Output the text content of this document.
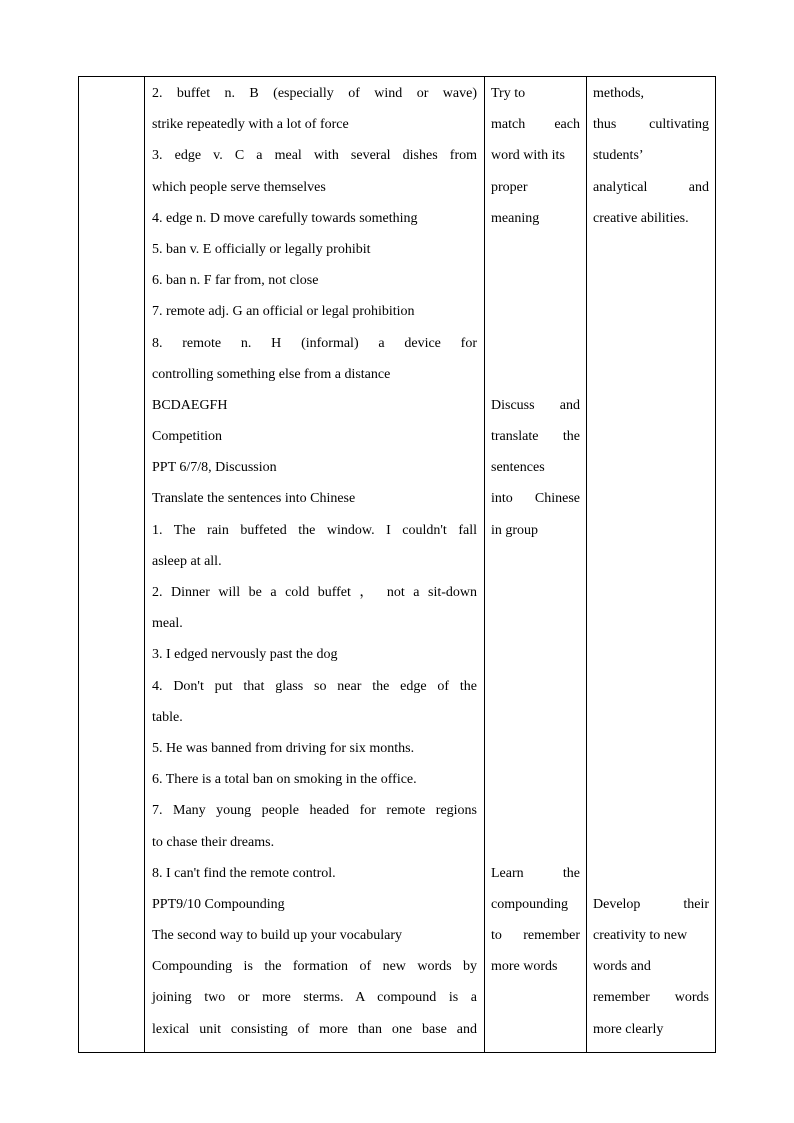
2. buffet n. B (especially of wind or wave)
strike repeatedly with a lot of force
3. edge v. C a meal with several dishes from
which people serve themselves
4. edge n. D move carefully towards something
5. ban v. E officially or legally prohibit
6. ban n. F far from, not close
7. remote adj. G an official or legal prohibition
8. remote n. H (informal) a device for
controlling something else from a distance
BCDAEGFH
Competition
PPT 6/7/8, Discussion
Translate the sentences into Chinese
1. The rain buffeted the window. I couldn't fall
asleep at all.
2. Dinner will be a cold buffet ， not a sit-down
meal.
3. I edged nervously past the dog
4. Don't put that glass so near the edge of the
table.
5. He was banned from driving for six months.
6. There is a total ban on smoking in the office.
7. Many young people headed for remote regions
to chase their dreams.
8. I can't find the remote control.
PPT9/10 Compounding
The second way to build up your vocabulary
Compounding is the formation of new words by
joining two or more sterms. A compound is a
lexical unit consisting of more than one base and

Try to
match each
word with its
proper
meaning
Discuss and
translate the
sentences
into Chinese
in group
Learn the
compounding
to remember
more words

methods,
thus cultivating
students’
analytical and
creative abilities.
Develop their
creativity to new
words and
remember words
more clearly
